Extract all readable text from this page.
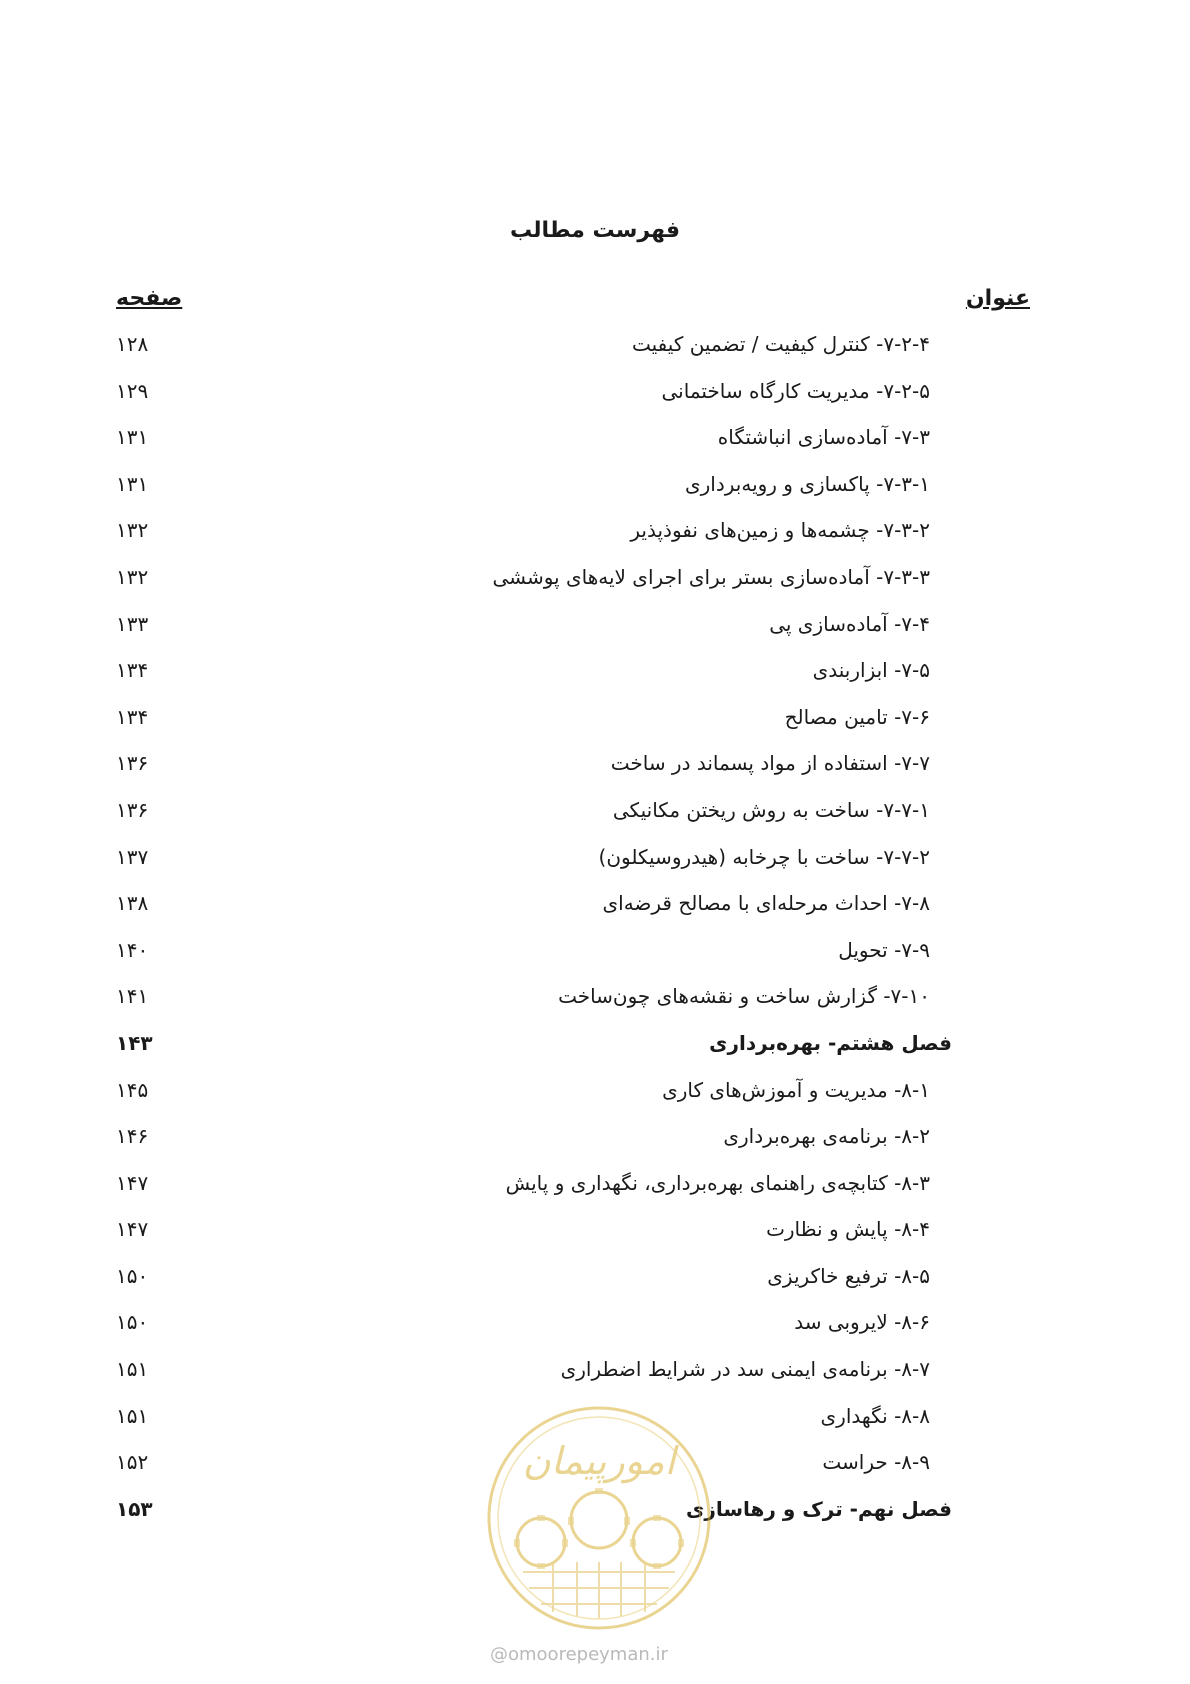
فهرست مطالب
عنوان
صفحه
۷-۲-۴- کنترل کیفیت / تضمین کیفیت
۱۲۸
۷-۲-۵- مدیریت کارگاه ساختمانی
۱۲۹
۷-۳- آماده‌سازی انباشتگاه
۱۳۱
۷-۳-۱- پاکسازی و رویه‌برداری
۱۳۱
۷-۳-۲- چشمه‌ها و زمین‌های نفوذپذیر
۱۳۲
۷-۳-۳- آماده‌سازی بستر برای اجرای لایه‌های پوششی
۱۳۲
۷-۴- آماده‌سازی پی
۱۳۳
۷-۵- ابزاربندی
۱۳۴
۷-۶- تامین مصالح
۱۳۴
۷-۷- استفاده از مواد پسماند در ساخت
۱۳۶
۷-۷-۱- ساخت به روش ریختن مکانیکی
۱۳۶
۷-۷-۲- ساخت با چرخابه (هیدروسیکلون)
۱۳۷
۷-۸- احداث مرحله‌ای با مصالح قرضه‌ای
۱۳۸
۷-۹- تحویل
۱۴۰
۷-۱۰- گزارش ساخت و نقشه‌های چون‌ساخت
۱۴۱
فصل هشتم- بهره‌برداری
۱۴۳
۸-۱- مدیریت و آموزش‌های کاری
۱۴۵
۸-۲- برنامه‌ی بهره‌برداری
۱۴۶
۸-۳- کتابچه‌ی راهنمای بهره‌برداری، نگهداری و پایش
۱۴۷
۸-۴- پایش و نظارت
۱۴۷
۸-۵- ترفیع خاکریزی
۱۵۰
۸-۶- لایروبی سد
۱۵۰
۸-۷- برنامه‌ی ایمنی سد در شرایط اضطراری
۱۵۱
۸-۸- نگهداری
۱۵۱
۸-۹- حراست
۱۵۲
فصل نهم- ترک و رهاسازی
۱۵۳
امورپیمان
@omoorepeyman.ir
